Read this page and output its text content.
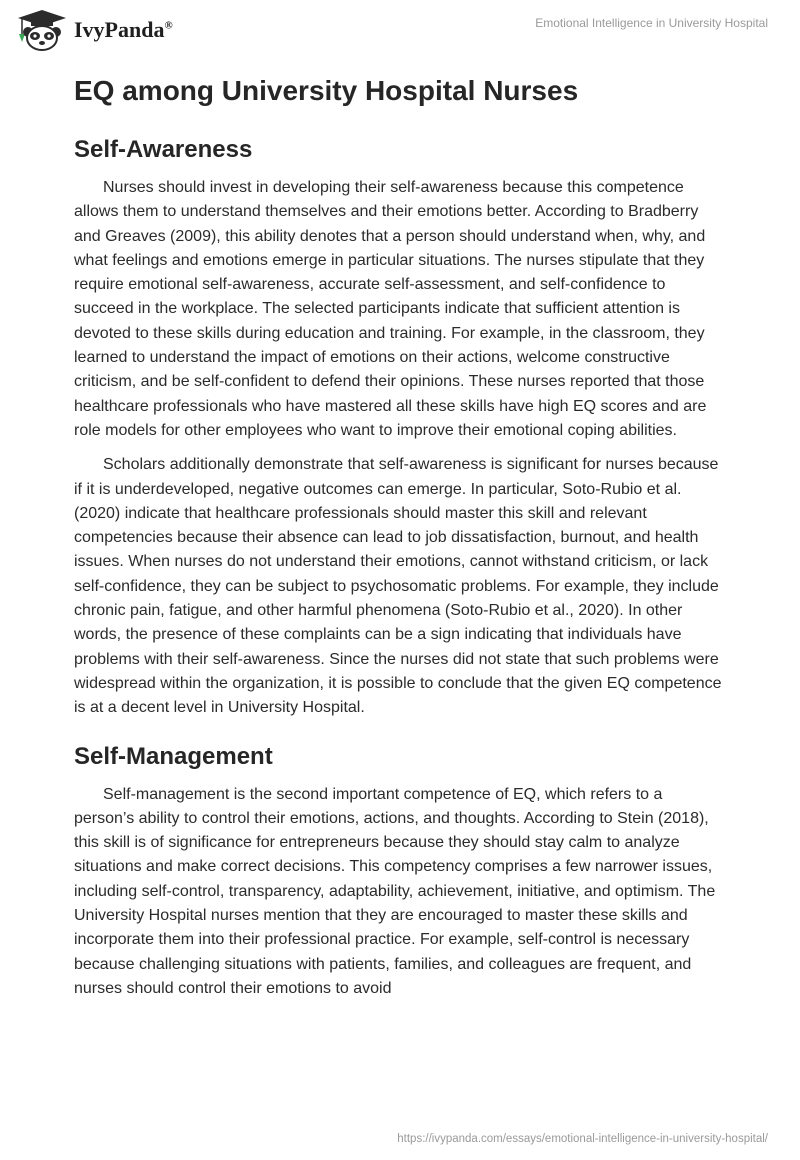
IvyPanda®	Emotional Intelligence in University Hospital
EQ among University Hospital Nurses
Self-Awareness

Nurses should invest in developing their self-awareness because this competence allows them to understand themselves and their emotions better. According to Bradberry and Greaves (2009), this ability denotes that a person should understand when, why, and what feelings and emotions emerge in particular situations. The nurses stipulate that they require emotional self-awareness, accurate self-assessment, and self-confidence to succeed in the workplace. The selected participants indicate that sufficient attention is devoted to these skills during education and training. For example, in the classroom, they learned to understand the impact of emotions on their actions, welcome constructive criticism, and be self-confident to defend their opinions. These nurses reported that those healthcare professionals who have mastered all these skills have high EQ scores and are role models for other employees who want to improve their emotional coping abilities.

Scholars additionally demonstrate that self-awareness is significant for nurses because if it is underdeveloped, negative outcomes can emerge. In particular, Soto-Rubio et al. (2020) indicate that healthcare professionals should master this skill and relevant competencies because their absence can lead to job dissatisfaction, burnout, and health issues. When nurses do not understand their emotions, cannot withstand criticism, or lack self-confidence, they can be subject to psychosomatic problems. For example, they include chronic pain, fatigue, and other harmful phenomena (Soto-Rubio et al., 2020). In other words, the presence of these complaints can be a sign indicating that individuals have problems with their self-awareness. Since the nurses did not state that such problems were widespread within the organization, it is possible to conclude that the given EQ competence is at a decent level in University Hospital.

Self-Management

Self-management is the second important competence of EQ, which refers to a person’s ability to control their emotions, actions, and thoughts. According to Stein (2018), this skill is of significance for entrepreneurs because they should stay calm to analyze situations and make correct decisions. This competency comprises a few narrower issues, including self-control, transparency, adaptability, achievement, initiative, and optimism. The University Hospital nurses mention that they are encouraged to master these skills and incorporate them into their professional practice. For example, self-control is necessary because challenging situations with patients, families, and colleagues are frequent, and nurses should control their emotions to avoid

https://ivypanda.com/essays/emotional-intelligence-in-university-hospital/
